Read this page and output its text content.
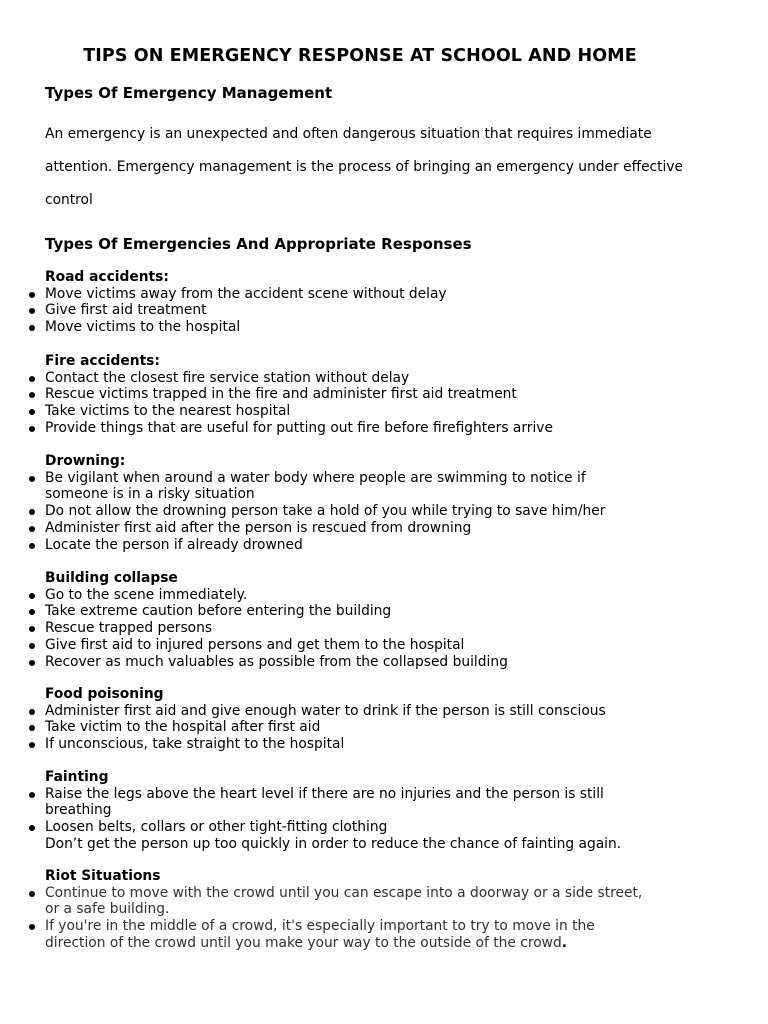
TIPS ON EMERGENCY RESPONSE AT SCHOOL AND HOME
Types Of Emergency Management

An emergency is an unexpected and often dangerous situation that requires immediate attention. Emergency management is the process of bringing an emergency under effective control

Types Of Emergencies And Appropriate Responses

Road accidents:

Move victims away from the accident scene without delay
Give first aid treatment
Move victims to the hospital

Fire accidents:

Contact the closest fire service station without delay
Rescue victims trapped in the fire and administer first aid treatment
Take victims to the nearest hospital
Provide things that are useful for putting out fire before firefighters arrive

Drowning:

Be vigilant when around a water body where people are swimming to notice if someone is in a risky situation
Do not allow the drowning person take a hold of you while trying to save him/her
Administer first aid after the person is rescued from drowning
Locate the person if already drowned

Building collapse

Go to the scene immediately.
Take extreme caution before entering the building
Rescue trapped persons
Give first aid to injured persons and get them to the hospital
Recover as much valuables as possible from the collapsed building

Food poisoning

Administer first aid and give enough water to drink if the person is still conscious
Take victim to the hospital after first aid
If unconscious, take straight to the hospital

Fainting

Raise the legs above the heart level if there are no injuries and the person is still breathing
Loosen belts, collars or other tight-fitting clothing

Don’t get the person up too quickly in order to reduce the chance of fainting again.

Riot Situations

Continue to move with the crowd until you can escape into a doorway or a side street, or a safe building.
If you're in the middle of a crowd, it's especially important to try to move in the direction of the crowd until you make your way to the outside of the crowd.
